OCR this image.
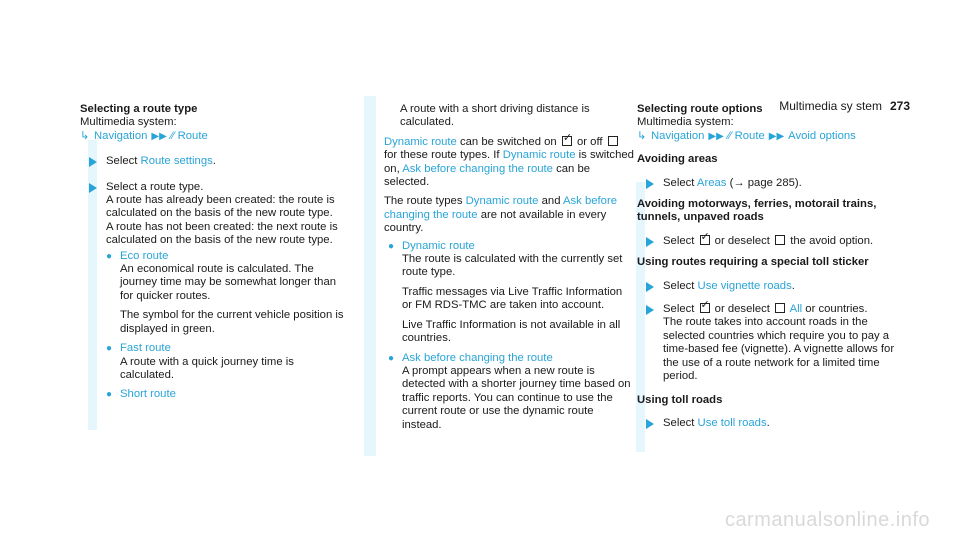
Multimedia sy stem 273
Selecting a route type
Multimedia system:
↳ Navigation ▶▶ ⁄∕ Route
Select Route settings.
Select a route type.
A route has already been created: the route is calculated on the basis of the new route type.
A route has not been created: the next route is calculated on the basis of the new route type.
● Eco route
An economical route is calculated. The journey time may be somewhat longer than for quicker routes.
The symbol for the current vehicle position is displayed in green.
● Fast route
A route with a quick journey time is calculated.
● Short route
A route with a short driving distance is calculated.
Dynamic route can be switched on ✓ or off  for these route types. If Dynamic route is switched on, Ask before changing the route can be selected.
The route types Dynamic route and Ask before changing the route are not available in every country.
● Dynamic route
The route is calculated with the currently set route type.
Traffic messages via Live Traffic Information or FM RDS-TMC are taken into account.
Live Traffic Information is not available in all countries.
● Ask before changing the route
A prompt appears when a new route is detected with a shorter journey time based on traffic reports. You can continue to use the current route or use the dynamic route instead.
Selecting route options
Multimedia system:
↳ Navigation ▶▶ ⁄∕ Route ▶▶ Avoid options
Avoiding areas
Select Areas (→ page 285).
Avoiding motorways, ferries, motorail trains, tunnels, unpaved roads
Select ✓ or deselect  the avoid option.
Using routes requiring a special toll sticker
Select Use vignette roads.
Select ✓ or deselect  All or countries.
The route takes into account roads in the selected countries which require you to pay a time-based fee (vignette). A vignette allows for the use of a route network for a limited time period.
Using toll roads
Select Use toll roads.
carmanualsonline.info
